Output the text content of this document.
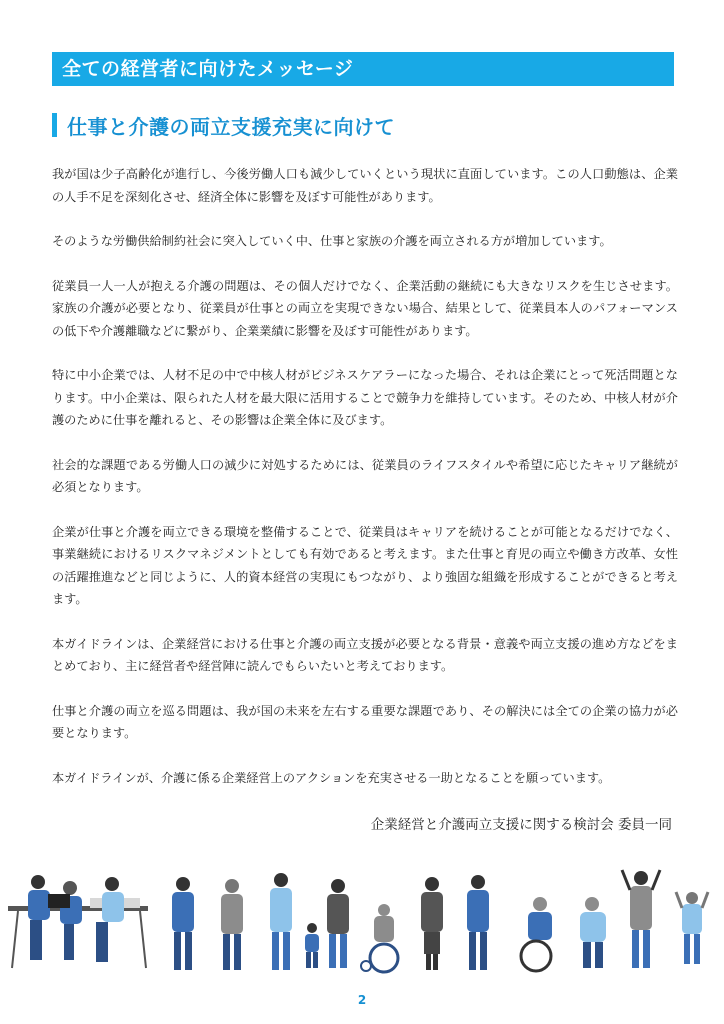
全ての経営者に向けたメッセージ
仕事と介護の両立支援充実に向けて

我が国は少子高齢化が進行し、今後労働人口も減少していくという現状に直面しています。この人口動態は、企業の人手不足を深刻化させ、経済全体に影響を及ぼす可能性があります。

そのような労働供給制約社会に突入していく中、仕事と家族の介護を両立される方が増加しています。

従業員一人一人が抱える介護の問題は、その個人だけでなく、企業活動の継続にも大きなリスクを生じさせます。家族の介護が必要となり、従業員が仕事との両立を実現できない場合、結果として、従業員本人のパフォーマンスの低下や介護離職などに繋がり、企業業績に影響を及ぼす可能性があります。

特に中小企業では、人材不足の中で中核人材がビジネスケアラーになった場合、それは企業にとって死活問題となります。中小企業は、限られた人材を最大限に活用することで競争力を維持しています。そのため、中核人材が介護のために仕事を離れると、その影響は企業全体に及びます。

社会的な課題である労働人口の減少に対処するためには、従業員のライフスタイルや希望に応じたキャリア継続が必須となります。

企業が仕事と介護を両立できる環境を整備することで、従業員はキャリアを続けることが可能となるだけでなく、事業継続におけるリスクマネジメントとしても有効であると考えます。また仕事と育児の両立や働き方改革、女性の活躍推進などと同じように、人的資本経営の実現にもつながり、より強固な組織を形成することができると考えます。

本ガイドラインは、企業経営における仕事と介護の両立支援が必要となる背景・意義や両立支援の進め方などをまとめており、主に経営者や経営陣に読んでもらいたいと考えております。

仕事と介護の両立を巡る問題は、我が国の未来を左右する重要な課題であり、その解決には全ての企業の協力が必要となります。

本ガイドラインが、介護に係る企業経営上のアクションを充実させる一助となることを願っています。

企業経営と介護両立支援に関する検討会 委員一同
2
